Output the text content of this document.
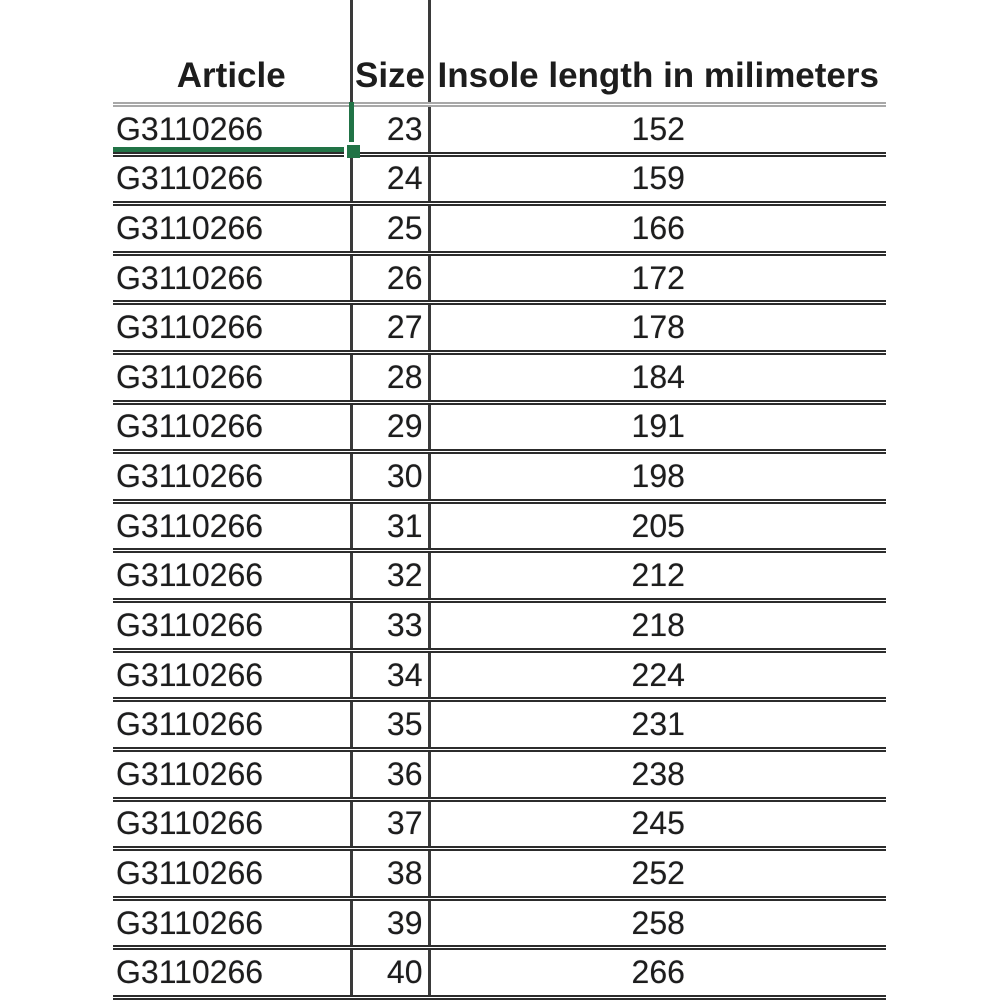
Article	Size	Insole length in milimeters
G3110266	23	152
G3110266	24	159
G3110266	25	166
G3110266	26	172
G3110266	27	178
G3110266	28	184
G3110266	29	191
G3110266	30	198
G3110266	31	205
G3110266	32	212
G3110266	33	218
G3110266	34	224
G3110266	35	231
G3110266	36	238
G3110266	37	245
G3110266	38	252
G3110266	39	258
G3110266	40	266
